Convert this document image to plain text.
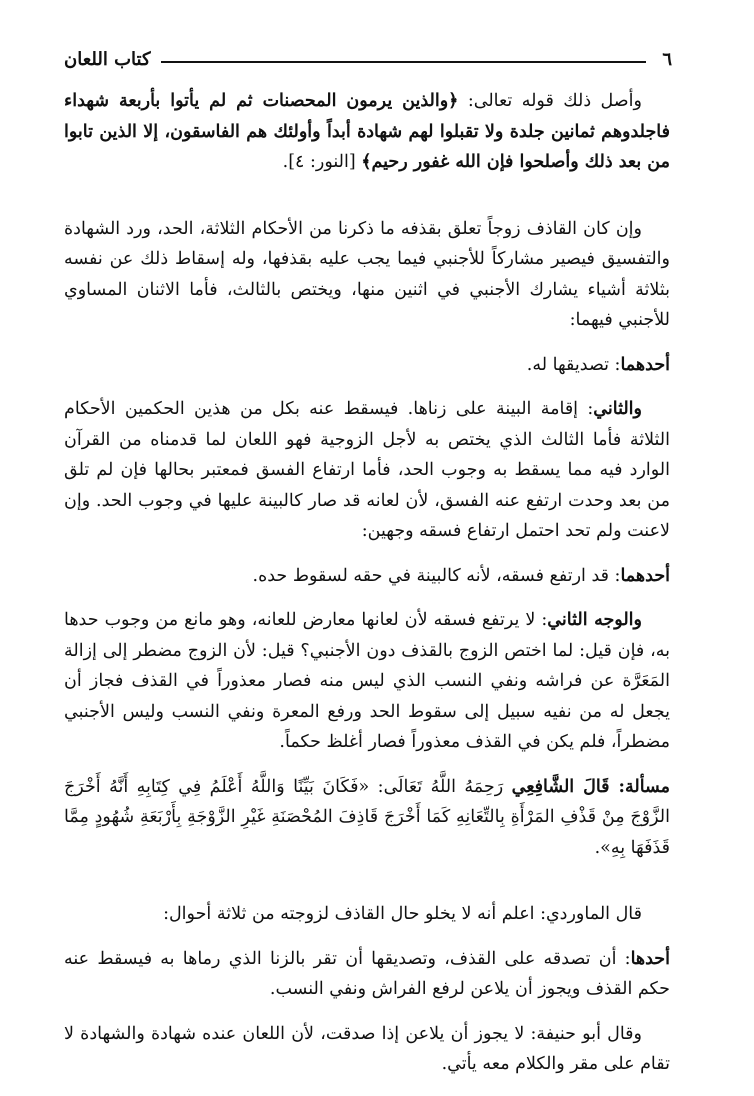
٦
كتاب اللعان

وأصل ذلك قوله تعالى: ﴿والذين يرمون المحصنات ثم لم يأتوا بأربعة شهداء فاجلدوهم ثمانين جلدة ولا تقبلوا لهم شهادة أبداً وأولئك هم الفاسقون، إلا الذين تابوا من بعد ذلك وأصلحوا فإن الله غفور رحيم﴾ [النور: ٤].

وإن كان القاذف زوجاً تعلق بقذفه ما ذكرنا من الأحكام الثلاثة، الحد، ورد الشهادة والتفسيق فيصير مشاركاً للأجنبي فيما يجب عليه بقذفها، وله إسقاط ذلك عن نفسه بثلاثة أشياء يشارك الأجنبي في اثنين منها، ويختص بالثالث، فأما الاثنان المساوي للأجنبي فيهما:

أحدهما: تصديقها له.

والثاني: إقامة البينة على زناها. فيسقط عنه بكل من هذين الحكمين الأحكام الثلاثة فأما الثالث الذي يختص به لأجل الزوجية فهو اللعان لما قدمناه من القرآن الوارد فيه مما يسقط به وجوب الحد، فأما ارتفاع الفسق فمعتبر بحالها فإن لم تلق من بعد وحدت ارتفع عنه الفسق، لأن لعانه قد صار كالبينة عليها في وجوب الحد. وإن لاعنت ولم تحد احتمل ارتفاع فسقه وجهين:

أحدهما: قد ارتفع فسقه، لأنه كالبينة في حقه لسقوط حده.

والوجه الثاني: لا يرتفع فسقه لأن لعانها معارض للعانه، وهو مانع من وجوب حدها به، فإن قيل: لما اختص الزوج بالقذف دون الأجنبي؟ قيل: لأن الزوج مضطر إلى إزالة المَعَرَّة عن فراشه ونفي النسب الذي ليس منه فصار معذوراً في القذف فجاز أن يجعل له من نفيه سبيل إلى سقوط الحد ورفع المعرة ونفي النسب وليس الأجنبي مضطراً، فلم يكن في القذف معذوراً فصار أغلظ حكماً.

مسألة: قَالَ الشَّافِعِي رَحِمَهُ اللَّهُ تَعَالَى: «فَكَانَ بَيِّنًا وَاللَّهُ أَعْلَمُ فِي كِتَابِهِ أَنَّهُ أَخْرَجَ الزَّوْجَ مِنْ قَذْفِ المَرْأَةِ بِالتِّعَانِهِ كَمَا أَخْرَجَ قَاذِفَ المُحْصَنَةِ غَيْرِ الزَّوْجَةِ بِأَرْبَعَةِ شُهُودٍ مِمَّا قَذَفَهَا بِهِ».

قال الماوردي: اعلم أنه لا يخلو حال القاذف لزوجته من ثلاثة أحوال:

أحدها: أن تصدقه على القذف، وتصديقها أن تقر بالزنا الذي رماها به فيسقط عنه حكم القذف ويجوز أن يلاعن لرفع الفراش ونفي النسب.

وقال أبو حنيفة: لا يجوز أن يلاعن إذا صدقت، لأن اللعان عنده شهادة والشهادة لا تقام على مقر والكلام معه يأتي.
